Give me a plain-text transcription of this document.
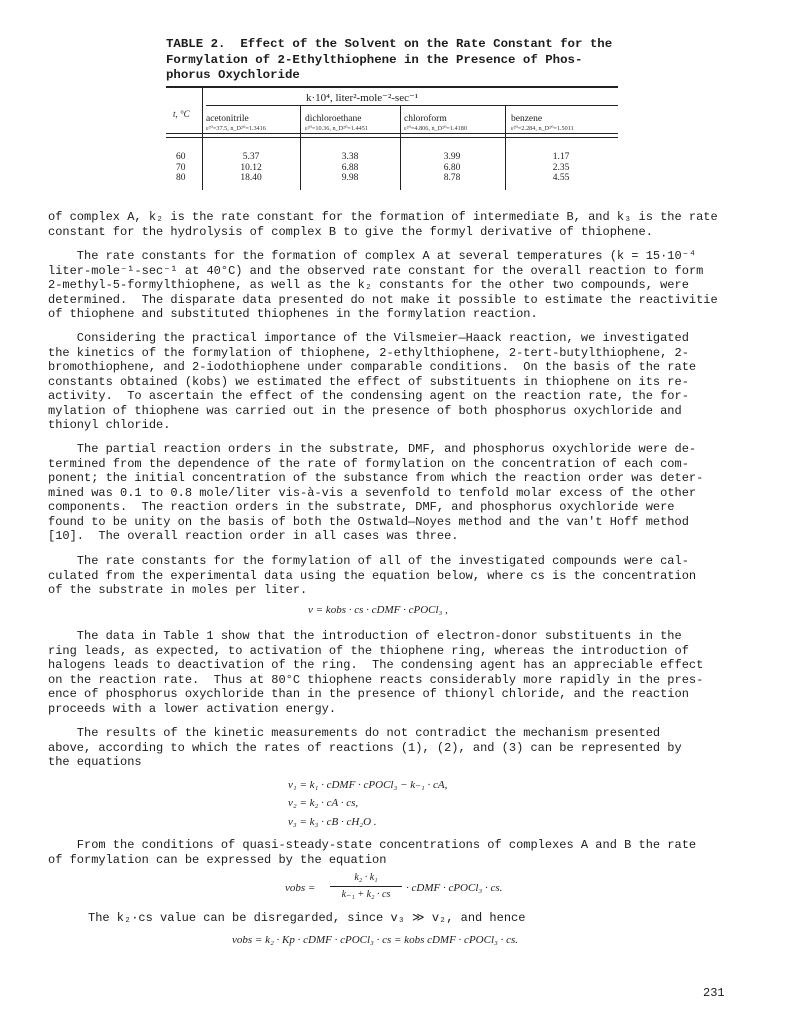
TABLE 2.  Effect of the Solvent on the Rate Constant for the
Formylation of 2-Ethylthiophene in the Presence of Phos-
phorus Oxychloride
k·10⁴, liter²-mole⁻²-sec⁻¹
t, °C acetonitrile
ε²⁰=37.5, n_D²⁰=1.3416
dichloroethane
ε²⁰=10.36, n_D²⁰=1.4451
chloroform
ε²⁰=4.806, n_D²⁰=1.4180
benzene
ε²⁰=2.284, n_D²⁰=1.5011
60
70
80
5.37
10.12
18.40
3.38
6.88
9.98
3.99
6.80
8.78
1.17
2.35
4.55
of complex A, k₂ is the rate constant for the formation of intermediate B, and k₃ is the rate
constant for the hydrolysis of complex B to give the formyl derivative of thiophene.
The rate constants for the formation of complex A at several temperatures (k = 15·10⁻⁴
liter-mole⁻¹-sec⁻¹ at 40°C) and the observed rate constant for the overall reaction to form
2-methyl-5-formylthiophene, as well as the k₂ constants for the other two compounds, were
determined.  The disparate data presented do not make it possible to estimate the reactivitie
of thiophene and substituted thiophenes in the formylation reaction.
Considering the practical importance of the Vilsmeier—Haack reaction, we investigated
the kinetics of the formylation of thiophene, 2-ethylthiophene, 2-tert-butylthiophene, 2-
bromothiophene, and 2-iodothiophene under comparable conditions.  On the basis of the rate
constants obtained (kobs) we estimated the effect of substituents in thiophene on its re-
activity.  To ascertain the effect of the condensing agent on the reaction rate, the for-
mylation of thiophene was carried out in the presence of both phosphorus oxychloride and
thionyl chloride.
The partial reaction orders in the substrate, DMF, and phosphorus oxychloride were de-
termined from the dependence of the rate of formylation on the concentration of each com-
ponent; the initial concentration of the substance from which the reaction order was deter-
mined was 0.1 to 0.8 mole/liter vis-à-vis a sevenfold to tenfold molar excess of the other
components.  The reaction orders in the substrate, DMF, and phosphorus oxychloride were
found to be unity on the basis of both the Ostwald—Noyes method and the van't Hoff method
[10].  The overall reaction order in all cases was three.
The rate constants for the formylation of all of the investigated compounds were cal-
culated from the experimental data using the equation below, where cs is the concentration
of the substrate in moles per liter.
v = kobs · cs · cDMF · cPOCl₃ ,
The data in Table 1 show that the introduction of electron-donor substituents in the
ring leads, as expected, to activation of the thiophene ring, whereas the introduction of
halogens leads to deactivation of the ring.  The condensing agent has an appreciable effect
on the reaction rate.  Thus at 80°C thiophene reacts considerably more rapidly in the pres-
ence of phosphorus oxychloride than in the presence of thionyl chloride, and the reaction
proceeds with a lower activation energy.
The results of the kinetic measurements do not contradict the mechanism presented
above, according to which the rates of reactions (1), (2), and (3) can be represented by
the equations
v₁ = k₁ · cDMF · cPOCl₃ − k₋₁ · cA,
v₂ = k₂ · cA · cs,
v₃ = k₃ · cB · cH₂O .
From the conditions of quasi-steady-state concentrations of complexes A and B the rate
of formylation can be expressed by the equation
vobs =
k₂ · k₁
k₋₁ + k₂ · cs
· cDMF · cPOCl₃ · cs.
The k₂·cs value can be disregarded, since v₃ ≫ v₂, and hence
vobs = k₂ · Kp · cDMF · cPOCl₃ · cs = kobs cDMF · cPOCl₃ · cs.
231
